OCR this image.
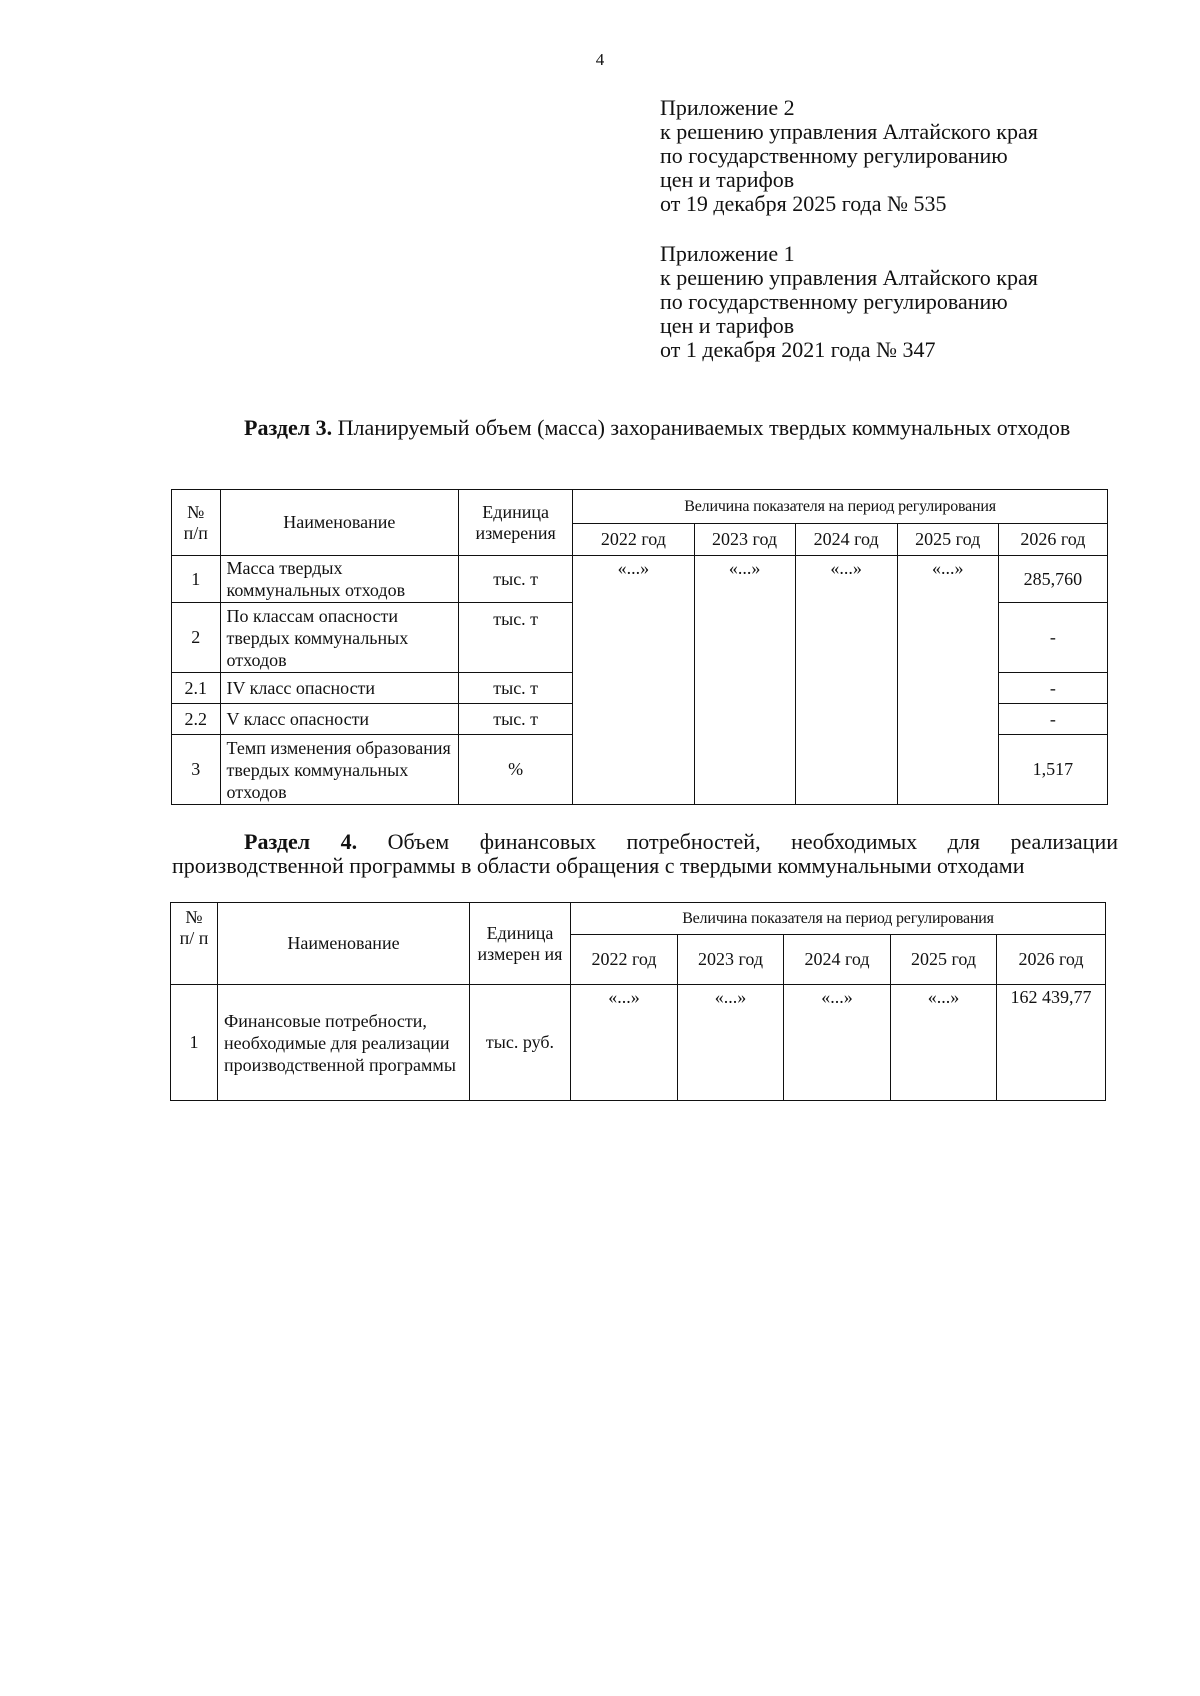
4
Приложение 2
к решению управления Алтайского края
по государственному регулированию
цен и тарифов
от 19 декабря 2025 года № 535
Приложение 1
к решению управления Алтайского края
по государственному регулированию
цен и тарифов
от 1 декабря 2021 года № 347
Раздел 3. Планируемый объем (масса) захораниваемых твердых коммунальных отходов
№ п/п	Наименование	Единица измерения	Величина показателя на период регулирования				
			2022 год	2023 год	2024 год	2025 год	2026 год
1	Масса твердых коммунальных отходов	тыс. т	«...»	«...»	«...»	«...»	285,760
2	По классам опасности твердых коммунальных отходов	тыс. т					-
2.1	IV класс опасности	тыс. т					-
2.2	V класс опасности	тыс. т					-
3	Темп изменения образования твердых коммунальных отходов	%					1,517
Раздел 4. Объем финансовых потребностей, необходимых для реализации производственной программы в области обращения с твердыми коммунальными отходами
№ п/ п	Наименование	Единица измерен ия	Величина показателя на период регулирования				
			2022 год	2023 год	2024 год	2025 год	2026 год
1	Финансовые потребности, необходимые для реализации производственной программы	тыс. руб.	«...»	«...»	«...»	«...»	162 439,77
